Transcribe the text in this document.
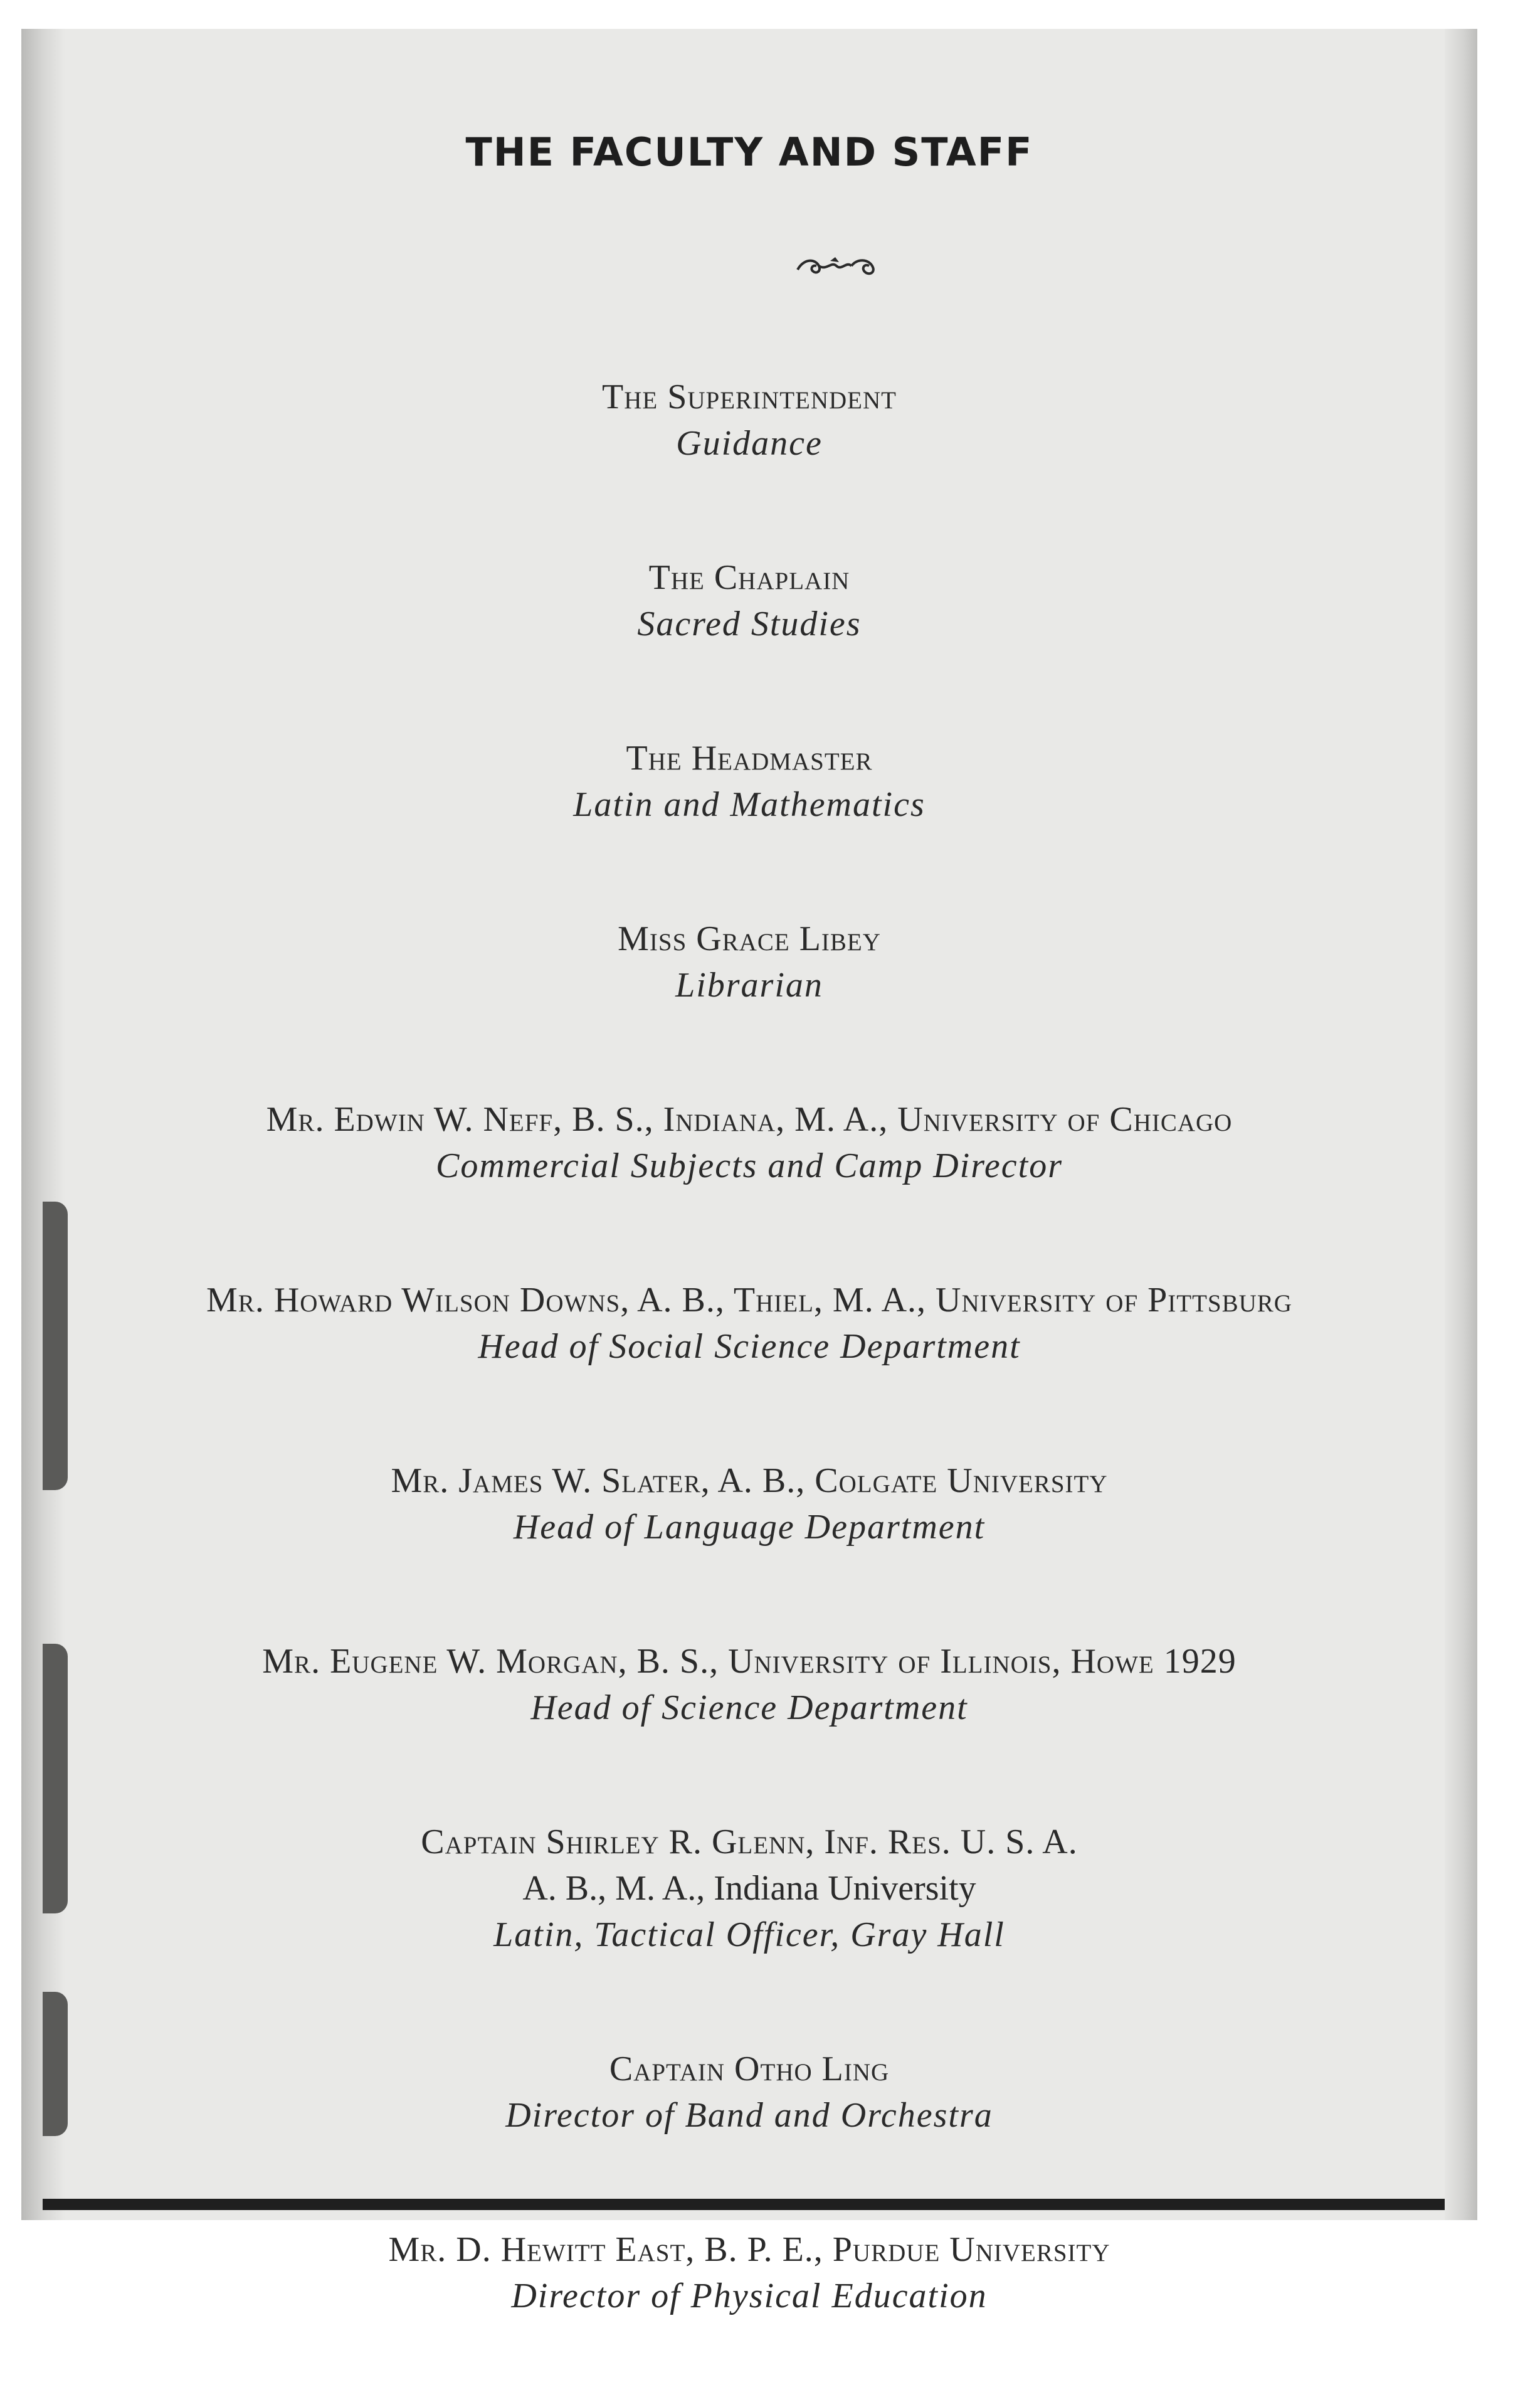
THE FACULTY AND STAFF

The Superintendent

Guidance

The Chaplain

Sacred Studies

The Headmaster

Latin and Mathematics

Miss Grace Libey

Librarian

Mr. Edwin W. Neff, B. S., Indiana, M. A., University of Chicago

Commercial Subjects and Camp Director

Mr. Howard Wilson Downs, A. B., Thiel, M. A., University of Pittsburg

Head of Social Science Department

Mr. James W. Slater, A. B., Colgate University

Head of Language Department

Mr. Eugene W. Morgan, B. S., University of Illinois, Howe 1929

Head of Science Department

Captain Shirley R. Glenn, Inf. Res. U. S. A.

A. B., M. A., Indiana University

Latin, Tactical Officer, Gray Hall

Captain Otho Ling

Director of Band and Orchestra

Mr. D. Hewitt East, B. P. E., Purdue University

Director of Physical Education
